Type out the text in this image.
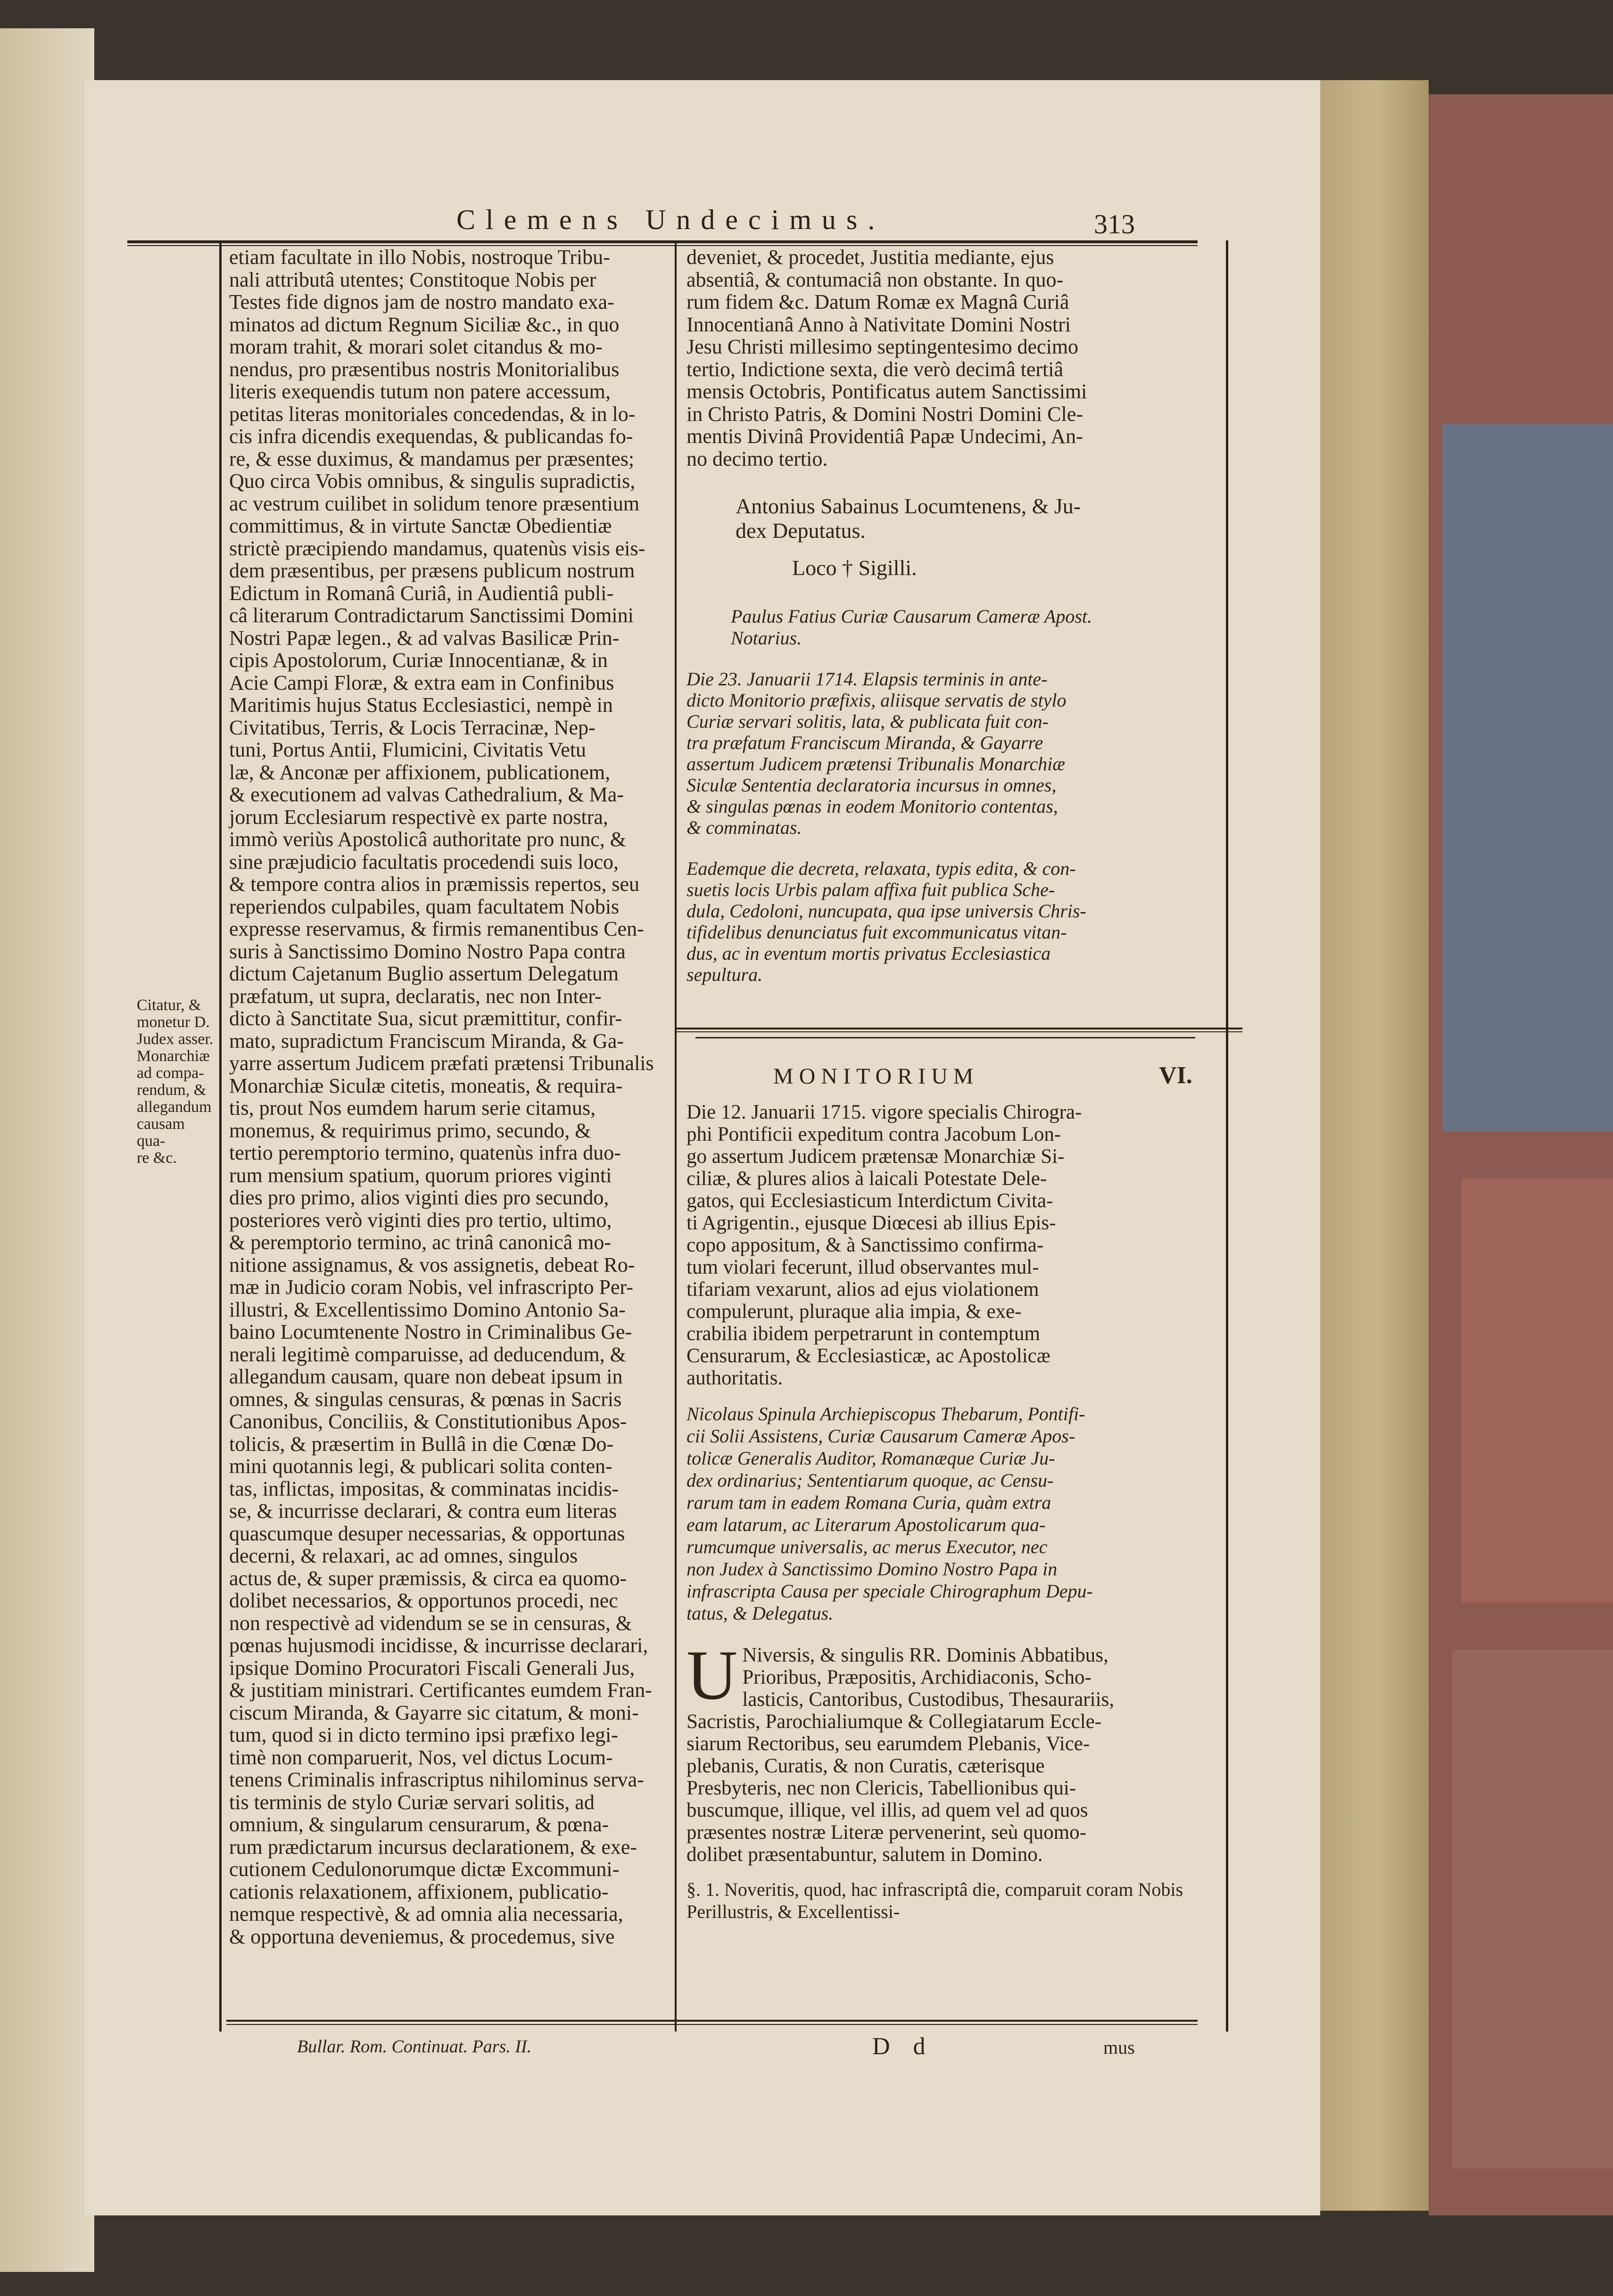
Clemens Undecimus.	313
etiam facultate in illo Nobis, nostroque Tribu-
nali attributâ utentes; Constitoque Nobis per
Testes fide dignos jam de nostro mandato exa-
minatos ad dictum Regnum Siciliæ &c., in quo
moram trahit, & morari solet citandus & mo-
nendus, pro præsentibus nostris Monitorialibus
literis exequendis tutum non patere accessum,
petitas literas monitoriales concedendas, & in lo-
cis infra dicendis exequendas, & publicandas fo-
re, & esse duximus, & mandamus per præsentes;
Quo circa Vobis omnibus, & singulis supradictis,
ac vestrum cuilibet in solidum tenore præsentium
committimus, & in virtute Sanctæ Obedientiæ
strictè præcipiendo mandamus, quatenùs visis eis-
dem præsentibus, per præsens publicum nostrum
Edictum in Romanâ Curiâ, in Audientiâ publi-
câ literarum Contradictarum Sanctissimi Domini
Nostri Papæ legen., & ad valvas Basilicæ Prin-
cipis Apostolorum, Curiæ Innocentianæ, & in
Acie Campi Floræ, & extra eam in Confinibus
Maritimis hujus Status Ecclesiastici, nempè in
Civitatibus, Terris, & Locis Terracinæ, Nep-
tuni, Portus Antii, Flumicini, Civitatis Vetu
læ, & Anconæ per affixionem, publicationem,
& executionem ad valvas Cathedralium, & Ma-
jorum Ecclesiarum respectivè ex parte nostra,
immò veriùs Apostolicâ authoritate pro nunc, &
sine præjudicio facultatis procedendi suis loco,
& tempore contra alios in præmissis repertos, seu
reperiendos culpabiles, quam facultatem Nobis
expresse reservamus, & firmis remanentibus Cen-
suris à Sanctissimo Domino Nostro Papa contra
dictum Cajetanum Buglio assertum Delegatum
præfatum, ut supra, declaratis, nec non Inter-
dicto à Sanctitate Sua, sicut præmittitur, confir-
mato, supradictum Franciscum Miranda, & Ga-
yarre assertum Judicem præfati prætensi Tribunalis
Monarchiæ Siculæ citetis, moneatis, & requira-
tis, prout Nos eumdem harum serie citamus,
monemus, & requirimus primo, secundo, &
tertio peremptorio termino, quatenùs infra duo-
rum mensium spatium, quorum priores viginti
dies pro primo, alios viginti dies pro secundo,
posteriores verò viginti dies pro tertio, ultimo,
& peremptorio termino, ac trinâ canonicâ mo-
nitione assignamus, & vos assignetis, debeat Ro-
mæ in Judicio coram Nobis, vel infrascripto Per-
illustri, & Excellentissimo Domino Antonio Sa-
baino Locumtenente Nostro in Criminalibus Ge-
nerali legitimè comparuisse, ad deducendum, &
allegandum causam, quare non debeat ipsum in
omnes, & singulas censuras, & pœnas in Sacris
Canonibus, Conciliis, & Constitutionibus Apos-
tolicis, & præsertim in Bullâ in die Cœnæ Do-
mini quotannis legi, & publicari solita conten-
tas, inflictas, impositas, & comminatas incidis-
se, & incurrisse declarari, & contra eum literas
quascumque desuper necessarias, & opportunas
decerni, & relaxari, ac ad omnes, singulos
actus de, & super præmissis, & circa ea quomo-
dolibet necessarios, & opportunos procedi, nec
non respectivè ad videndum se se in censuras, &
pœnas hujusmodi incidisse, & incurrisse declarari,
ipsique Domino Procuratori Fiscali Generali Jus,
& justitiam ministrari. Certificantes eumdem Fran-
ciscum Miranda, & Gayarre sic citatum, & moni-
tum, quod si in dicto termino ipsi præfixo legi-
timè non comparuerit, Nos, vel dictus Locum-
tenens Criminalis infrascriptus nihilominus serva-
tis terminis de stylo Curiæ servari solitis, ad
omnium, & singularum censurarum, & pœna-
rum prædictarum incursus declarationem, & exe-
cutionem Cedulonorumque dictæ Excommuni-
cationis relaxationem, affixionem, publicatio-
nemque respectivè, & ad omnia alia necessaria,
& opportuna deveniemus, & procedemus, sive
Citatur, &
monetur D.
Judex asser.
Monarchiæ
ad compa-
rendum, &
allegandum
causam qua-
re &c.
deveniet, & procedet, Justitia mediante, ejus
absentiâ, & contumaciâ non obstante. In quo-
rum fidem &c. Datum Romæ ex Magnâ Curiâ
Innocentianâ Anno à Nativitate Domini Nostri
Jesu Christi millesimo septingentesimo decimo
tertio, Indictione sexta, die verò decimâ tertiâ
mensis Octobris, Pontificatus autem Sanctissimi
in Christo Patris, & Domini Nostri Domini Cle-
mentis Divinâ Providentiâ Papæ Undecimi, An-
no decimo tertio.
Antonius Sabainus Locumtenens, & Ju-
dex Deputatus.
Loco † Sigilli.
Paulus Fatius Curiæ Causarum Cameræ Apost.
Notarius.
Die 23. Januarii 1714. Elapsis terminis in ante-
dicto Monitorio præfixis, aliisque servatis de stylo
Curiæ servari solitis, lata, & publicata fuit con-
tra præfatum Franciscum Miranda, & Gayarre
assertum Judicem prætensi Tribunalis Monarchiæ
Siculæ Sententia declaratoria incursus in omnes,
& singulas pœnas in eodem Monitorio contentas,
& comminatas.
Eademque die decreta, relaxata, typis edita, & con-
suetis locis Urbis palam affixa fuit publica Sche-
dula, Cedoloni, nuncupata, qua ipse universis Chris-
tifidelibus denunciatus fuit excommunicatus vitan-
dus, ac in eventum mortis privatus Ecclesiastica
sepultura.
MONITORIUM	VI.
Die 12. Januarii 1715. vigore specialis Chirogra-
phi Pontificii expeditum contra Jacobum Lon-
go assertum Judicem prætensæ Monarchiæ Si-
ciliæ, & plures alios à laicali Potestate Dele-
gatos, qui Ecclesiasticum Interdictum Civita-
ti Agrigentin., ejusque Diœcesi ab illius Epis-
copo appositum, & à Sanctissimo confirma-
tum violari fecerunt, illud observantes mul-
tifariam vexarunt, alios ad ejus violationem
compulerunt, pluraque alia impia, & exe-
crabilia ibidem perpetrarunt in contemptum
Censurarum, & Ecclesiasticæ, ac Apostolicæ
authoritatis.
Nicolaus Spinula Archiepiscopus Thebarum, Pontifi-
cii Solii Assistens, Curiæ Causarum Cameræ Apos-
tolicæ Generalis Auditor, Romanæque Curiæ Ju-
dex ordinarius; Sententiarum quoque, ac Censu-
rarum tam in eadem Romana Curia, quàm extra
eam latarum, ac Literarum Apostolicarum qua-
rumcumque universalis, ac merus Executor, nec
non Judex à Sanctissimo Domino Nostro Papa in
infrascripta Causa per speciale Chirographum Depu-
tatus, & Delegatus.
U Niversis, & singulis RR. Dominis Abbatibus,
Prioribus, Præpositis, Archidiaconis, Scho-
lasticis, Cantoribus, Custodibus, Thesaurariis,
Sacristis, Parochialiumque & Collegiatarum Eccle-
siarum Rectoribus, seu earumdem Plebanis, Vice-
plebanis, Curatis, & non Curatis, cæterisque
Presbyteris, nec non Clericis, Tabellionibus qui-
buscumque, illique, vel illis, ad quem vel ad quos
præsentes nostræ Literæ pervenerint, seù quomo-
dolibet præsentabuntur, salutem in Domino.
§. 1. Noveritis, quod, hac infrascriptâ die, comparuit coram Nobis Perillustris, & Excellentissi-
Bullar. Rom. Continuat. Pars. II.	D d	mus
